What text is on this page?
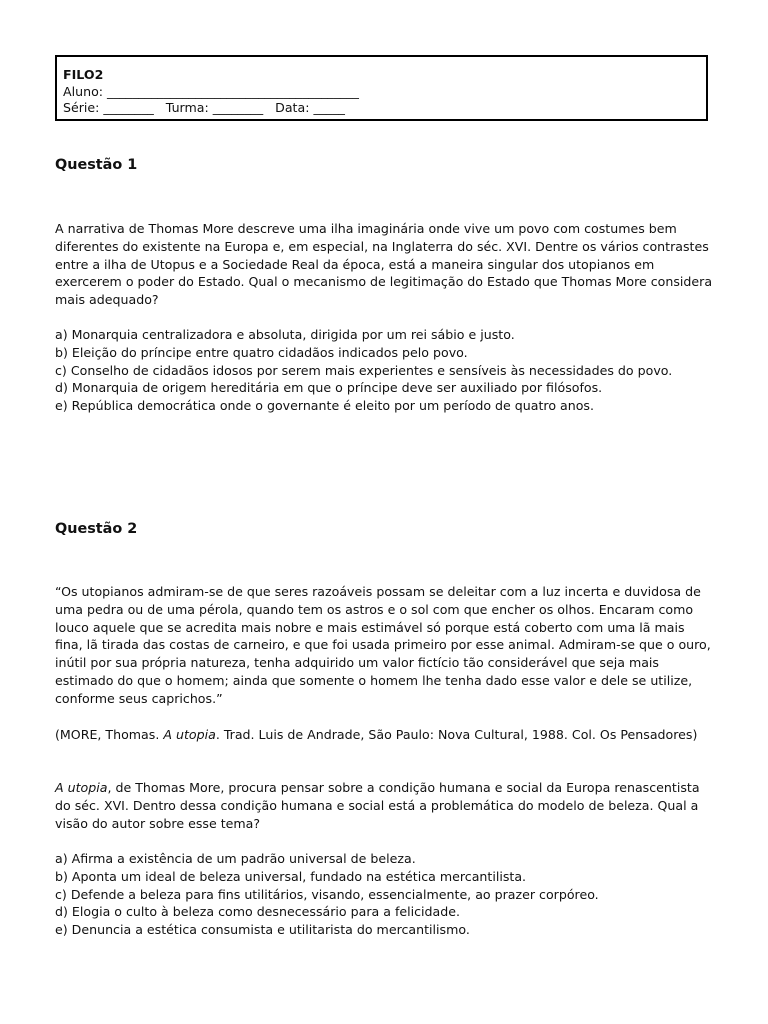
FILO2
Aluno: ________________________________________
Série: ________   Turma: ________   Data: _____
Questão 1

A narrativa de Thomas More descreve uma ilha imaginária onde vive um povo com costumes bem diferentes do existente na Europa e, em especial, na Inglaterra do séc. XVI. Dentre os vários contrastes entre a ilha de Utopus e a Sociedade Real da época, está a maneira singular dos utopianos em exercerem o poder do Estado. Qual o mecanismo de legitimação do Estado que Thomas More considera mais adequado?

a) Monarquia centralizadora e absoluta, dirigida por um rei sábio e justo.
b) Eleição do príncipe entre quatro cidadãos indicados pelo povo.
c) Conselho de cidadãos idosos por serem mais experientes e sensíveis às necessidades do povo.
d) Monarquia de origem hereditária em que o príncipe deve ser auxiliado por filósofos.
e) República democrática onde o governante é eleito por um período de quatro anos.
Questão 2

“Os utopianos admiram-se de que seres razoáveis possam se deleitar com a luz incerta e duvidosa de uma pedra ou de uma pérola, quando tem os astros e o sol com que encher os olhos. Encaram como louco aquele que se acredita mais nobre e mais estimável só porque está coberto com uma lã mais fina, lã tirada das costas de carneiro, e que foi usada primeiro por esse animal. Admiram-se que o ouro, inútil por sua própria natureza, tenha adquirido um valor fictício tão considerável que seja mais estimado do que o homem; ainda que somente o homem lhe tenha dado esse valor e dele se utilize, conforme seus caprichos.”

(MORE, Thomas. A utopia. Trad. Luis de Andrade, São Paulo: Nova Cultural, 1988. Col. Os Pensadores)

A utopia, de Thomas More, procura pensar sobre a condição humana e social da Europa renascentista do séc. XVI. Dentro dessa condição humana e social está a problemática do modelo de beleza. Qual a visão do autor sobre esse tema?

a) Afirma a existência de um padrão universal de beleza.
b) Aponta um ideal de beleza universal, fundado na estética mercantilista.
c) Defende a beleza para fins utilitários, visando, essencialmente, ao prazer corpóreo.
d) Elogia o culto à beleza como desnecessário para a felicidade.
e) Denuncia a estética consumista e utilitarista do mercantilismo.
